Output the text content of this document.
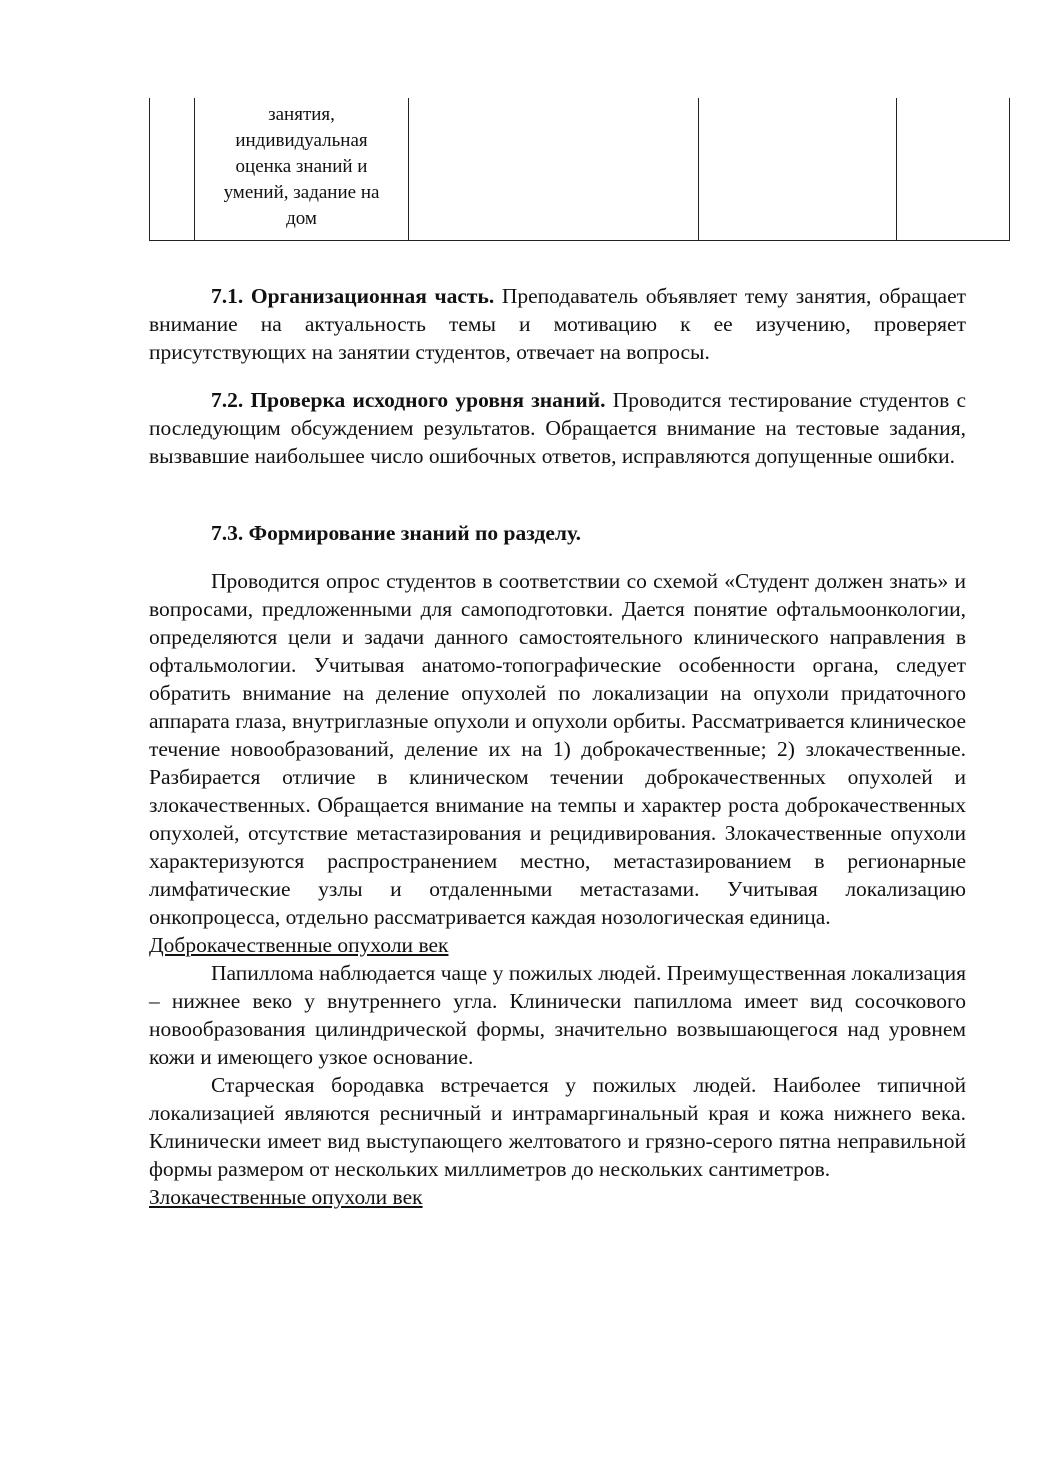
занятия,
индивидуальная
оценка знаний и
умений, задание на
дом

7.1. Организационная часть. Преподаватель объявляет тему занятия, обращает внимание на актуальность темы и мотивацию к ее изучению, проверяет присутствующих на занятии студентов, отвечает на вопросы.

7.2. Проверка исходного уровня знаний. Проводится тестирование студентов с последующим обсуждением результатов. Обращается внимание на тестовые задания, вызвавшие наибольшее число ошибочных ответов, исправляются допущенные ошибки.

7.3. Формирование знаний по разделу.

Проводится опрос студентов в соответствии со схемой «Студент должен знать» и вопросами, предложенными для самоподготовки. Дается понятие офтальмоонкологии, определяются цели и задачи данного самостоятельного клинического направления в офтальмологии. Учитывая анатомо-топографические особенности органа, следует обратить внимание на деление опухолей по локализации на опухоли придаточного аппарата глаза, внутриглазные опухоли и опухоли орбиты. Рассматривается клиническое течение новообразований, деление их на 1) доброкачественные; 2) злокачественные. Разбирается отличие в клиническом течении доброкачественных опухолей и злокачественных. Обращается внимание на темпы и характер роста доброкачественных опухолей, отсутствие метастазирования и рецидивирования. Злокачественные опухоли характеризуются распространением местно, метастазированием в регионарные лимфатические узлы и отдаленными метастазами. Учитывая локализацию онкопроцесса, отдельно рассматривается каждая нозологическая единица.

Доброкачественные опухоли век

Папиллома наблюдается чаще у пожилых людей. Преимущественная локализация – нижнее веко у внутреннего угла. Клинически папиллома имеет вид сосочкового новообразования цилиндрической формы, значительно возвышающегося над уровнем кожи и имеющего узкое основание.

Старческая бородавка встречается у пожилых людей. Наиболее типичной локализацией являются ресничный и интрамаргинальный края и кожа нижнего века. Клинически имеет вид выступающего желтоватого и грязно-серого пятна неправильной формы размером от нескольких миллиметров до нескольких сантиметров.

Злокачественные опухоли век
